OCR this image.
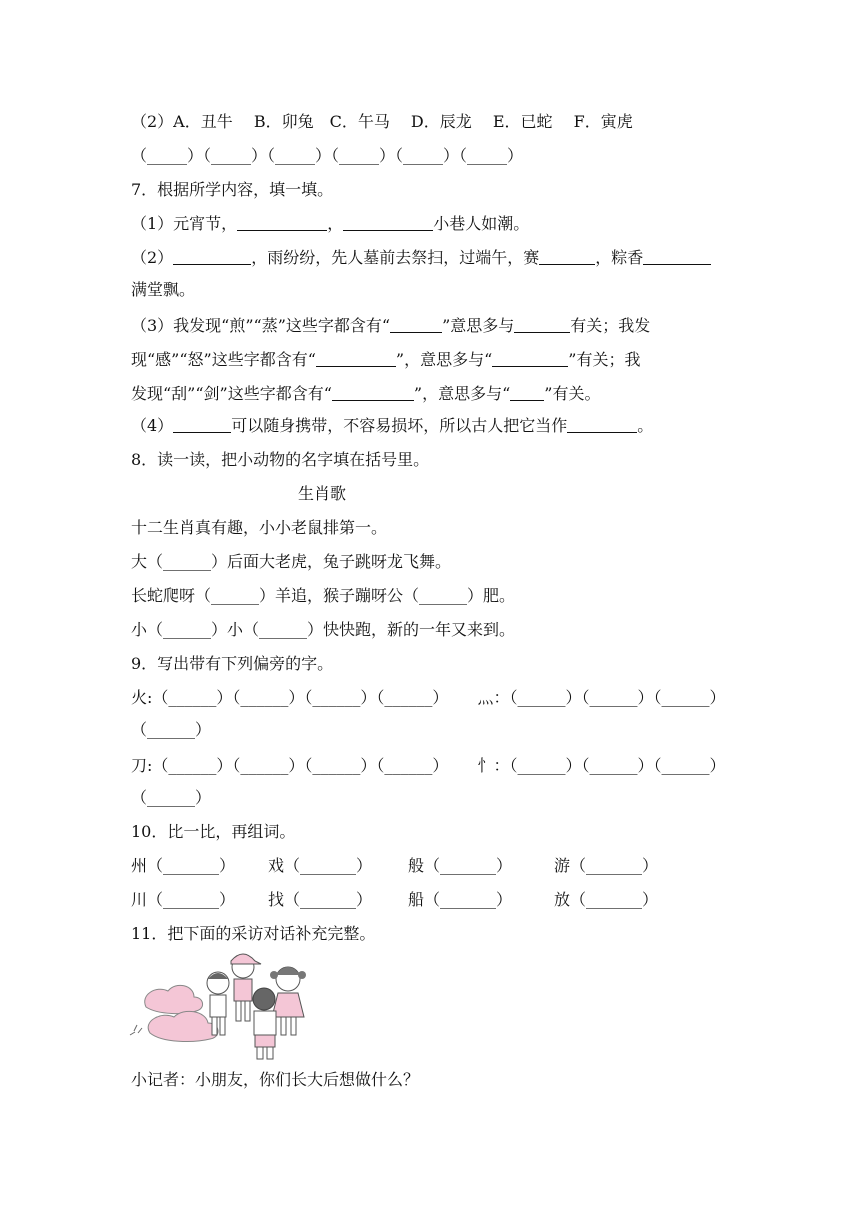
（2）A．丑牛　 B．卯兔　C．午马　 D．辰龙　 E．已蛇　 F．寅虎
（_____）（_____）（_____）（_____）（_____）（_____）
7．根据所学内容，填一填。
（1）元宵节，	，	小巷人如潮。
（2）	，雨纷纷，先人墓前去祭扫，过端午，赛	，粽香
满堂飘。
（3）我发现“煎”“蒸”这些字都含有“	”意思多与	有关；我发
现“感”“怒”这些字都含有“	”，意思多与“	”有关；我
发现“刮”“剑”这些字都含有“	”，意思多与“ ”有关。
（4）	可以随身携带，不容易损坏，所以古人把它当作	。
8．读一读，把小动物的名字填在括号里。
生肖歌
十二生肖真有趣，小小老鼠排第一。
大（______）后面大老虎，兔子跳呀龙飞舞。
长蛇爬呀（______）羊追，猴子蹦呀公（______）肥。
小（______）小（______）快快跑，新的一年又来到。
9．写出带有下列偏旁的字。
火:（______）（______）（______）（______）　　 灬：（______）（______）（______）
（______）
刀:（______）（______）（______）（______）　　 忄：（______）（______）（______）
（______）
10．比一比，再组词。
州（_______） 戏（_______） 般（_______）	游（_______）
川（_______） 找（_______） 船（_______）	放（_______）
11．把下面的采访对话补充完整。
小记者：小朋友，你们长大后想做什么？
